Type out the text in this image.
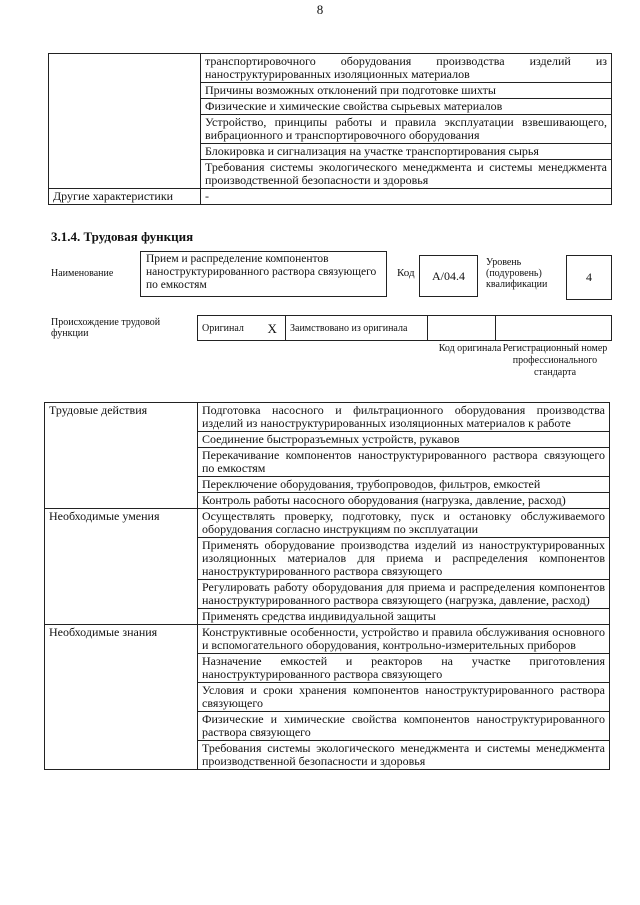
8
	транспортировочного оборудования производства изделий из наноструктурированных изоляционных материалов
	Причины возможных отклонений при подготовке шихты
	Физические и химические свойства сырьевых материалов
	Устройство, принципы работы и правила эксплуатации взвешивающего, вибрационного и транспортировочного оборудования
	Блокировка и сигнализация на участке транспортирования сырья
	Требования системы экологического менеджмента и системы менеджмента производственной безопасности и здоровья
Другие характеристики	-
3.1.4. Трудовая функция
Наименование
Прием и распределение компонентов наноструктурированного раствора связующего по емкостям
Код	A/04.4
Уровень (подуровень) квалификации
4
Происхождение трудовой функции	Оригинал	X	Заимствовано из оригинала		
Код оригинала Регистрационный номер профессионального стандарта
Трудовые действия	Подготовка насосного и фильтрационного оборудования производства изделий из наноструктурированных изоляционных материалов к работе
	Соединение быстроразъемных устройств, рукавов
	Перекачивание компонентов наноструктурированного раствора связующего по емкостям
	Переключение оборудования, трубопроводов, фильтров, емкостей
	Контроль работы насосного оборудования (нагрузка, давление, расход)
Необходимые умения	Осуществлять проверку, подготовку, пуск и остановку обслуживаемого оборудования согласно инструкциям по эксплуатации
	Применять оборудование производства изделий из наноструктурированных изоляционных материалов для приема и распределения компонентов наноструктурированного раствора связующего
	Регулировать работу оборудования для приема и распределения компонентов наноструктурированного раствора связующего (нагрузка, давление, расход)
	Применять средства индивидуальной защиты
Необходимые знания	Конструктивные особенности, устройство и правила обслуживания основного и вспомогательного оборудования, контрольно-измерительных приборов
	Назначение емкостей и реакторов на участке приготовления наноструктурированного раствора связующего
	Условия и сроки хранения компонентов наноструктурированного раствора связующего
	Физические и химические свойства компонентов наноструктурированного раствора связующего
	Требования системы экологического менеджмента и системы менеджмента производственной безопасности и здоровья
